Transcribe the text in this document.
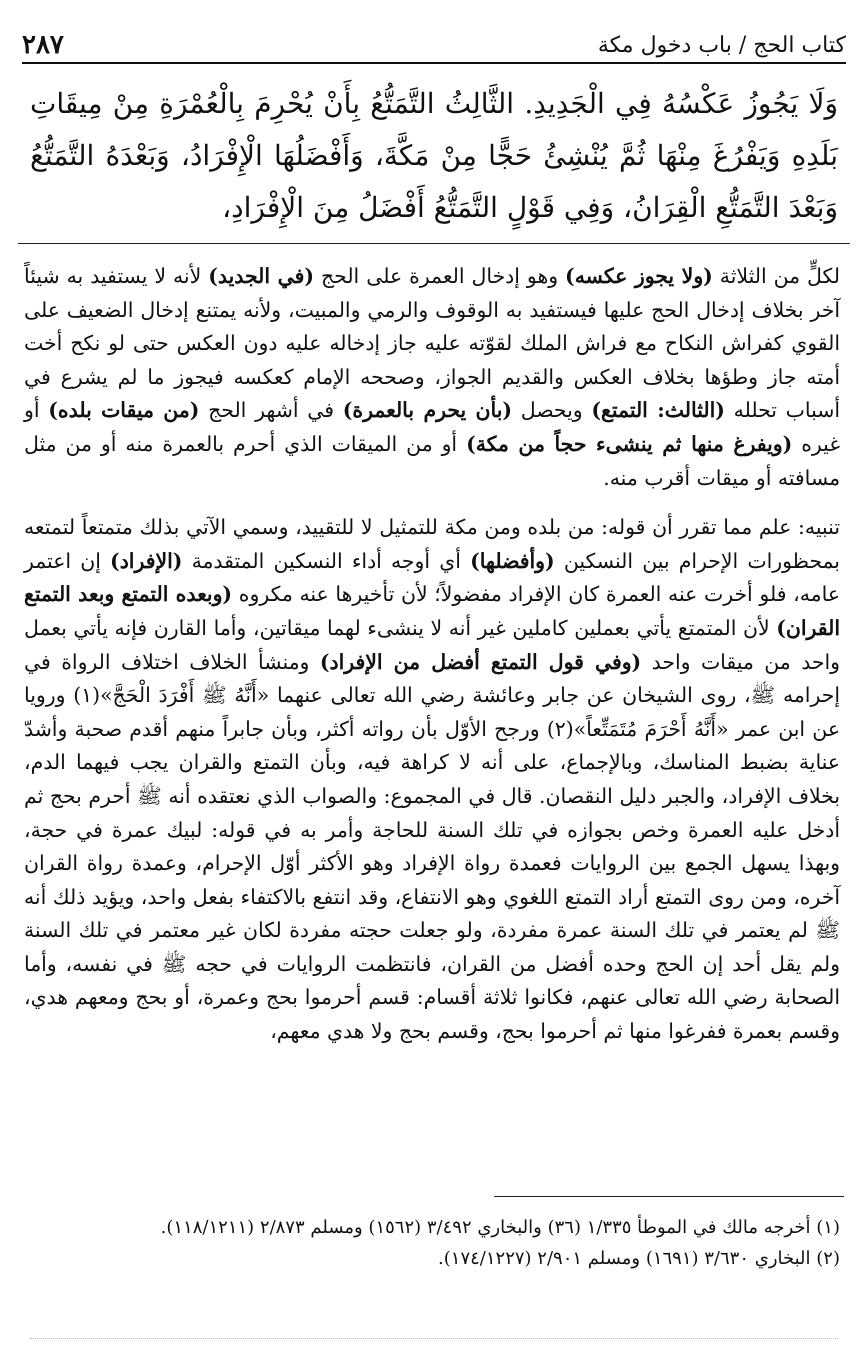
كتاب الحج / باب دخول مكة
٢٨٧
وَلَا يَجُوزُ عَكْسُهُ فِي الْجَدِيدِ. الثَّالِثُ التَّمَتُّعُ بِأَنْ يُحْرِمَ بِالْعُمْرَةِ مِنْ مِيقَاتِ بَلَدِهِ وَيَفْرُغَ مِنْهَا ثُمَّ يُنْشِئُ حَجًّا مِنْ مَكَّةَ، وَأَفْضَلُهَا الْإِفْرَادُ، وَبَعْدَهُ التَّمَتُّعُ وَبَعْدَ التَّمَتُّعِ الْقِرَانُ، وَفِي قَوْلٍ التَّمَتُّعُ أَفْضَلُ مِنَ الْإِفْرَادِ،

لكلٍّ من الثلاثة (ولا يجوز عكسه) وهو إدخال العمرة على الحج (في الجديد) لأنه لا يستفيد به شيئاً آخر بخلاف إدخال الحج عليها فيستفيد به الوقوف والرمي والمبيت، ولأنه يمتنع إدخال الضعيف على القوي كفراش النكاح مع فراش الملك لقوّته عليه جاز إدخاله عليه دون العكس حتى لو نكح أخت أمته جاز وطؤها بخلاف العكس والقديم الجواز، وصححه الإمام كعكسه فيجوز ما لم يشرع في أسباب تحلله (الثالث: التمتع) ويحصل (بأن يحرم بالعمرة) في أشهر الحج (من ميقات بلده) أو غيره (ويفرغ منها ثم ينشىء حجاً من مكة) أو من الميقات الذي أحرم بالعمرة منه أو من مثل مسافته أو ميقات أقرب منه.

تنبيه: علم مما تقرر أن قوله: من بلده ومن مكة للتمثيل لا للتقييد، وسمي الآتي بذلك متمتعاً لتمتعه بمحظورات الإحرام بين النسكين (وأفضلها) أي أوجه أداء النسكين المتقدمة (الإفراد) إن اعتمر عامه، فلو أخرت عنه العمرة كان الإفراد مفضولاً؛ لأن تأخيرها عنه مكروه (وبعده التمتع وبعد التمتع القران) لأن المتمتع يأتي بعملين كاملين غير أنه لا ينشىء لهما ميقاتين، وأما القارن فإنه يأتي بعمل واحد من ميقات واحد (وفي قول التمتع أفضل من الإفراد) ومنشأ الخلاف اختلاف الرواة في إحرامه ﷺ، روى الشيخان عن جابر وعائشة رضي الله تعالى عنهما «أَنَّهُ ﷺ أَفْرَدَ الْحَجَّ»(١) ورويا عن ابن عمر «أَنَّهُ أَحْرَمَ مُتَمَتِّعاً»(٢) ورجح الأوّل بأن رواته أكثر، وبأن جابراً منهم أقدم صحبة وأشدّ عناية بضبط المناسك، وبالإجماع، على أنه لا كراهة فيه، وبأن التمتع والقران يجب فيهما الدم، بخلاف الإفراد، والجبر دليل النقصان. قال في المجموع: والصواب الذي نعتقده أنه ﷺ أحرم بحج ثم أدخل عليه العمرة وخص بجوازه في تلك السنة للحاجة وأمر به في قوله: لبيك عمرة في حجة، وبهذا يسهل الجمع بين الروايات فعمدة رواة الإفراد وهو الأكثر أوّل الإحرام، وعمدة رواة القران آخره، ومن روى التمتع أراد التمتع اللغوي وهو الانتفاع، وقد انتفع بالاكتفاء بفعل واحد، ويؤيد ذلك أنه ﷺ لم يعتمر في تلك السنة عمرة مفردة، ولو جعلت حجته مفردة لكان غير معتمر في تلك السنة ولم يقل أحد إن الحج وحده أفضل من القران، فانتظمت الروايات في حجه ﷺ في نفسه، وأما الصحابة رضي الله تعالى عنهم، فكانوا ثلاثة أقسام: قسم أحرموا بحج وعمرة، أو بحج ومعهم هدي، وقسم بعمرة ففرغوا منها ثم أحرموا بحج، وقسم بحج ولا هدي معهم،

(١) أخرجه مالك في الموطأ ١/٣٣٥ (٣٦) والبخاري ٣/٤٩٢ (١٥٦٢) ومسلم ٢/٨٧٣ (١١٨/١٢١١).
(٢) البخاري ٣/٦٣٠ (١٦٩١) ومسلم ٢/٩٠١ (١٧٤/١٢٢٧).
